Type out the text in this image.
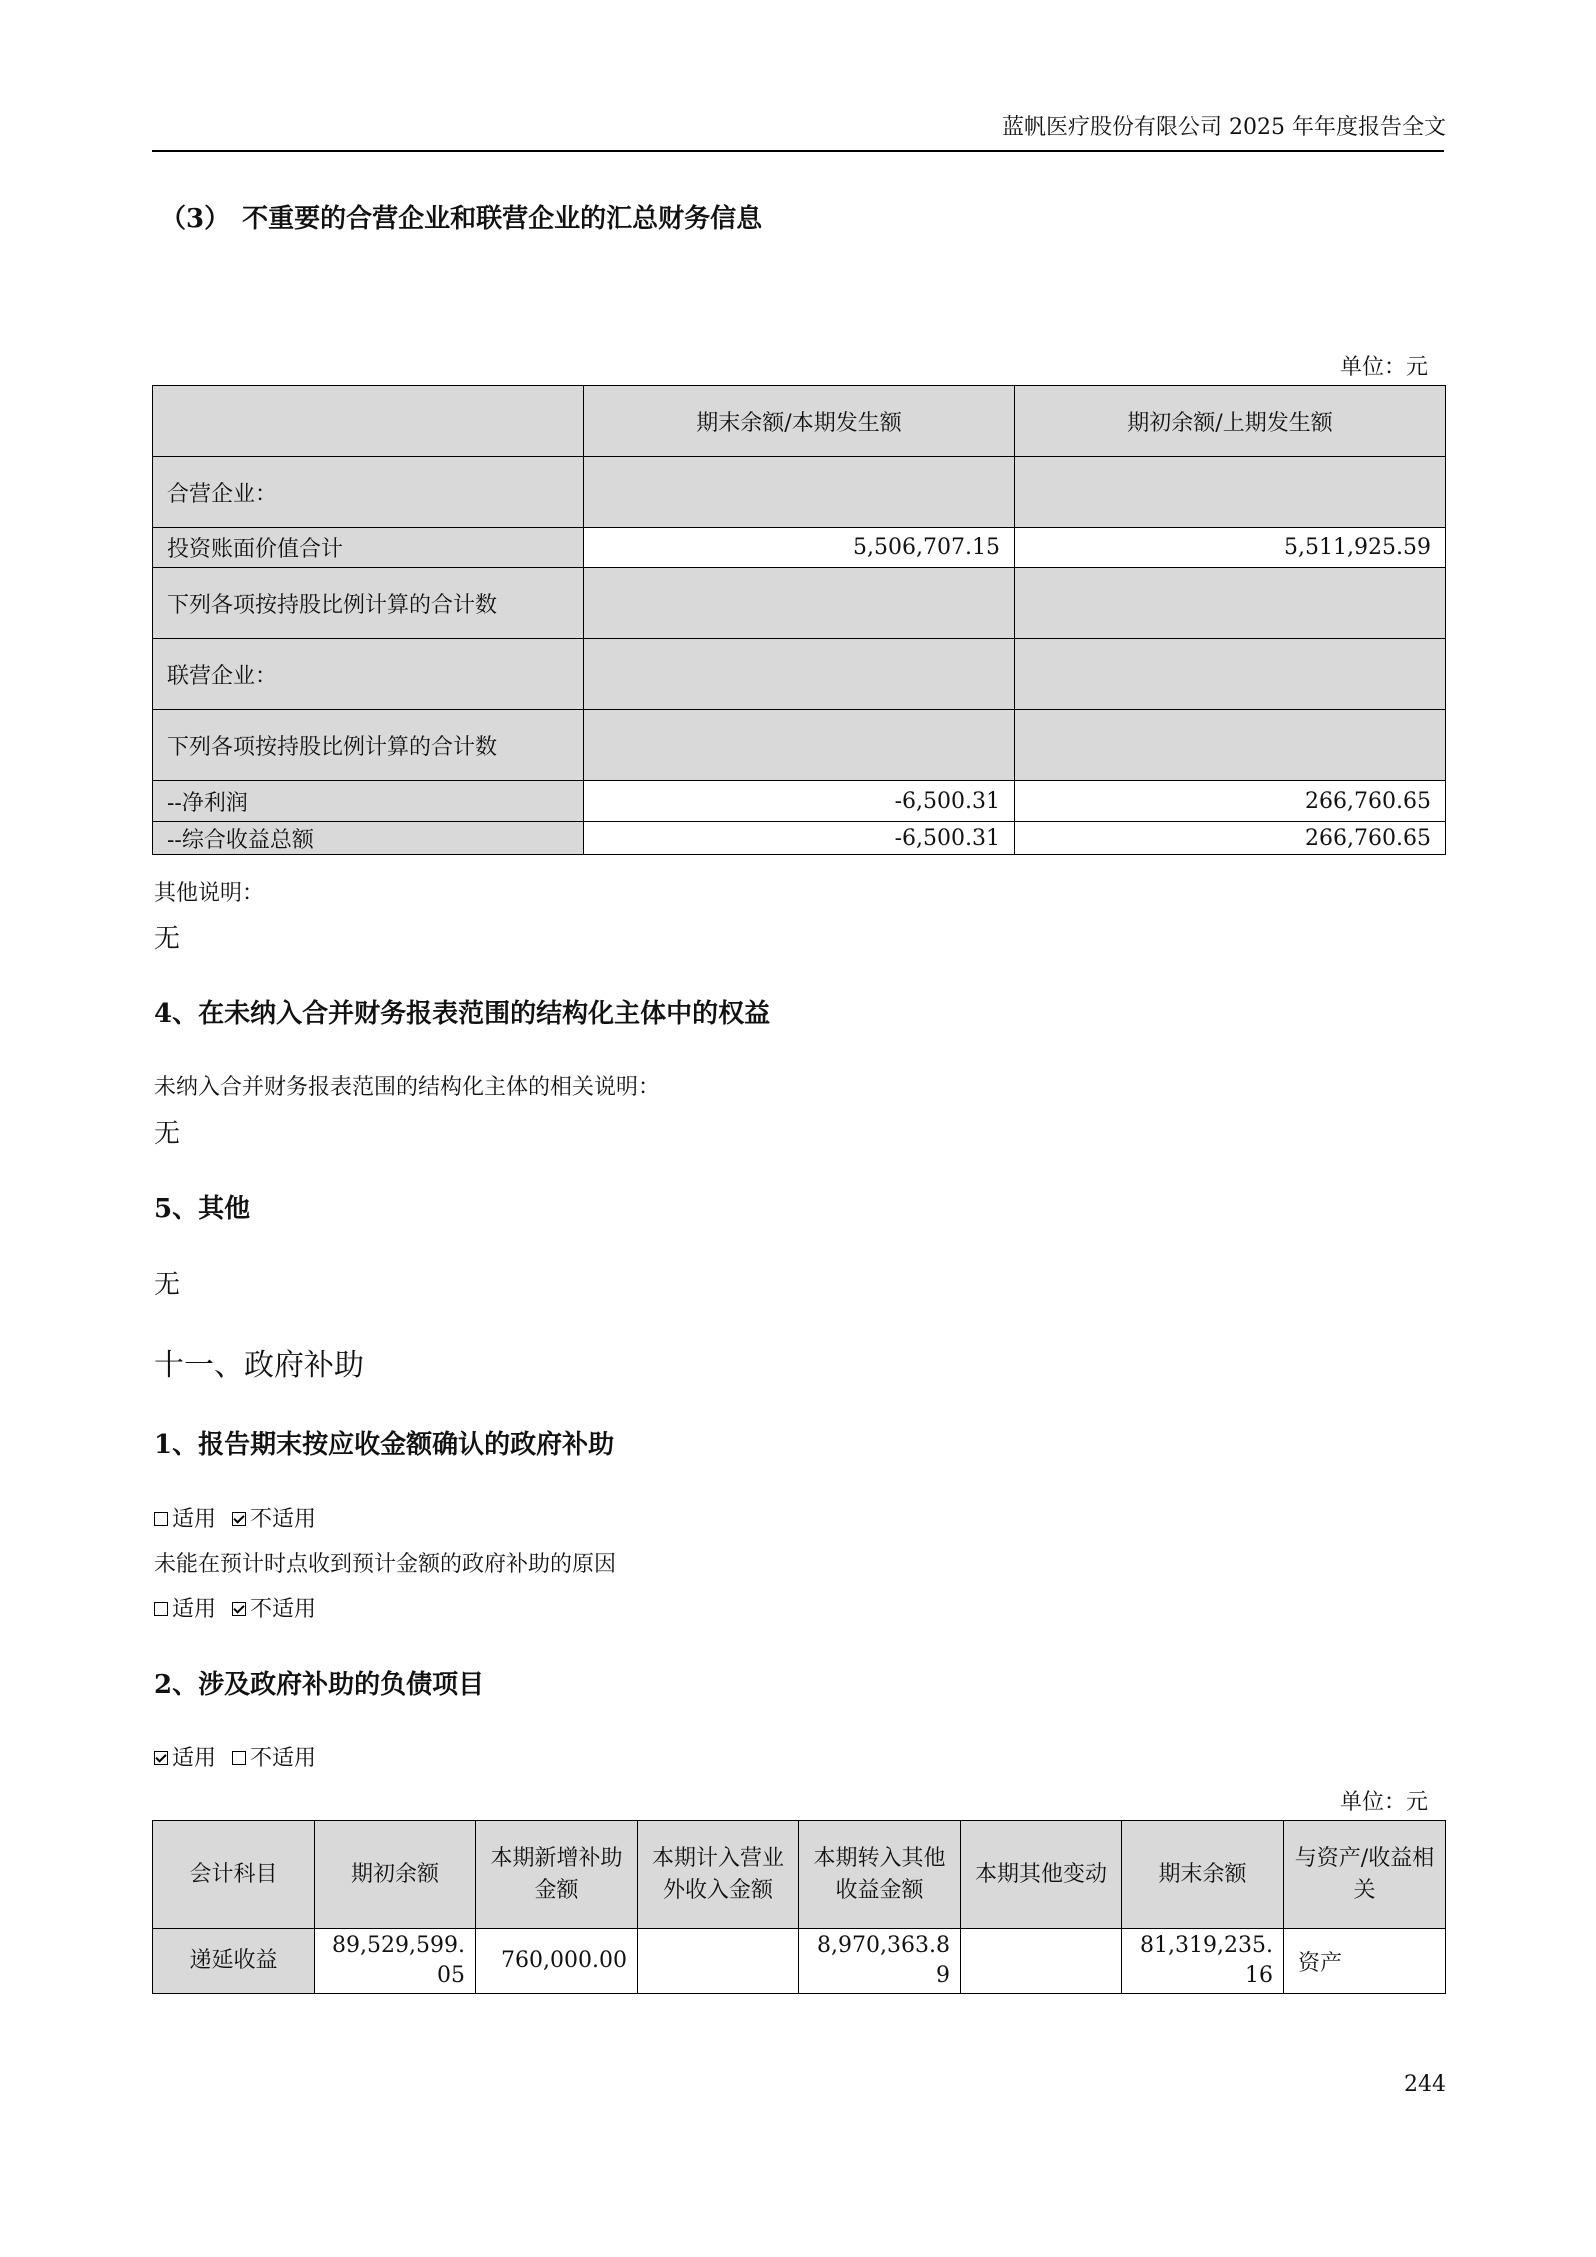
蓝帆医疗股份有限公司 2025 年年度报告全文
（3） 不重要的合营企业和联营企业的汇总财务信息
单位：元
	期末余额/本期发生额	期初余额/上期发生额
合营企业：		
投资账面价值合计	5,506,707.15	5,511,925.59
下列各项按持股比例计算的合计数		
联营企业：		
下列各项按持股比例计算的合计数		
--净利润	-6,500.31	266,760.65
--综合收益总额	-6,500.31	266,760.65
其他说明：
无
4、在未纳入合并财务报表范围的结构化主体中的权益
未纳入合并财务报表范围的结构化主体的相关说明：
无
5、其他
无
十一、政府补助
1、报告期末按应收金额确认的政府补助
适用 不适用
未能在预计时点收到预计金额的政府补助的原因
适用 不适用
2、涉及政府补助的负债项目
适用 不适用
单位：元
会计科目	期初余额	本期新增补助金额	本期计入营业外收入金额	本期转入其他收益金额	本期其他变动	期末余额	与资产/收益相关
递延收益	89,529,599.05	760,000.00		8,970,363.89		81,319,235.16	资产
244
